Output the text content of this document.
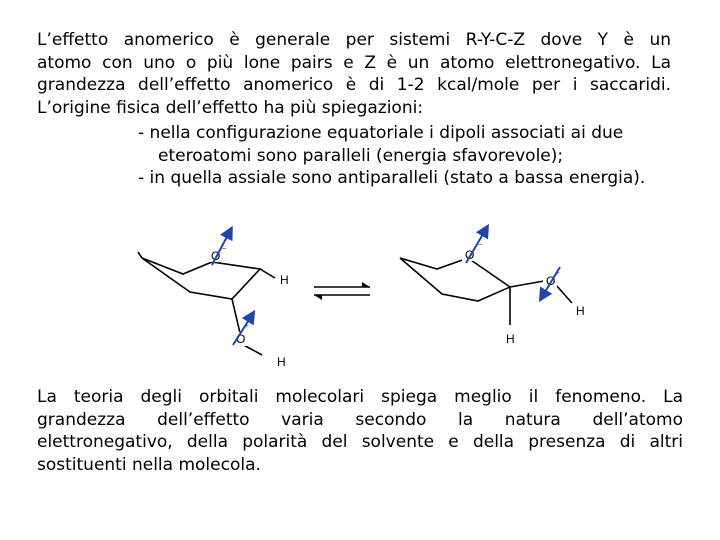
L’effetto anomerico è generale per sistemi R-Y-C-Z dove Y è un
atomo con uno o più lone pairs e Z è un atomo elettronegativo. La
grandezza dell’effetto anomerico è di 1-2 kcal/mole per i saccaridi.
L’origine fisica dell’effetto ha più spiegazioni:
- nella configurazione equatoriale i dipoli associati ai due
eteroatomi sono paralleli (energia sfavorevole);
- in quella assiale sono antiparalleli (stato a bassa energia).
O
H
O
H
−
+
O
O
H
H
−
+
La teoria degli orbitali molecolari spiega meglio il fenomeno. La
grandezza dell’effetto varia secondo la natura dell’atomo
elettronegativo, della polarità del solvente e della presenza di altri
sostituenti nella molecola.
